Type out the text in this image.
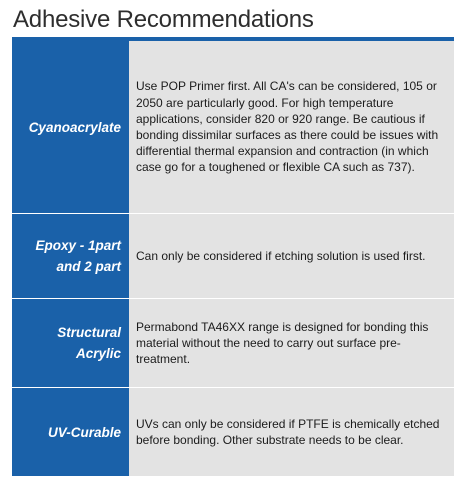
Adhesive Recommendations
Cyanoacrylate
Use POP Primer first. All CA's can be considered, 105 or 2050 are particularly good. For high temperature applications, consider 820 or 920 range. Be cautious if bonding dissimilar surfaces as there could be issues with differential thermal expansion and contraction (in which case go for a toughened or flexible CA such as 737).
Epoxy - 1part and 2 part
Can only be considered if etching solution is used first.
Structural Acrylic
Permabond TA46XX range is designed for bonding this material without the need to carry out surface pre-treatment.
UV-Curable
UVs can only be considered if PTFE is chemically etched before bonding. Other substrate needs to be clear.
